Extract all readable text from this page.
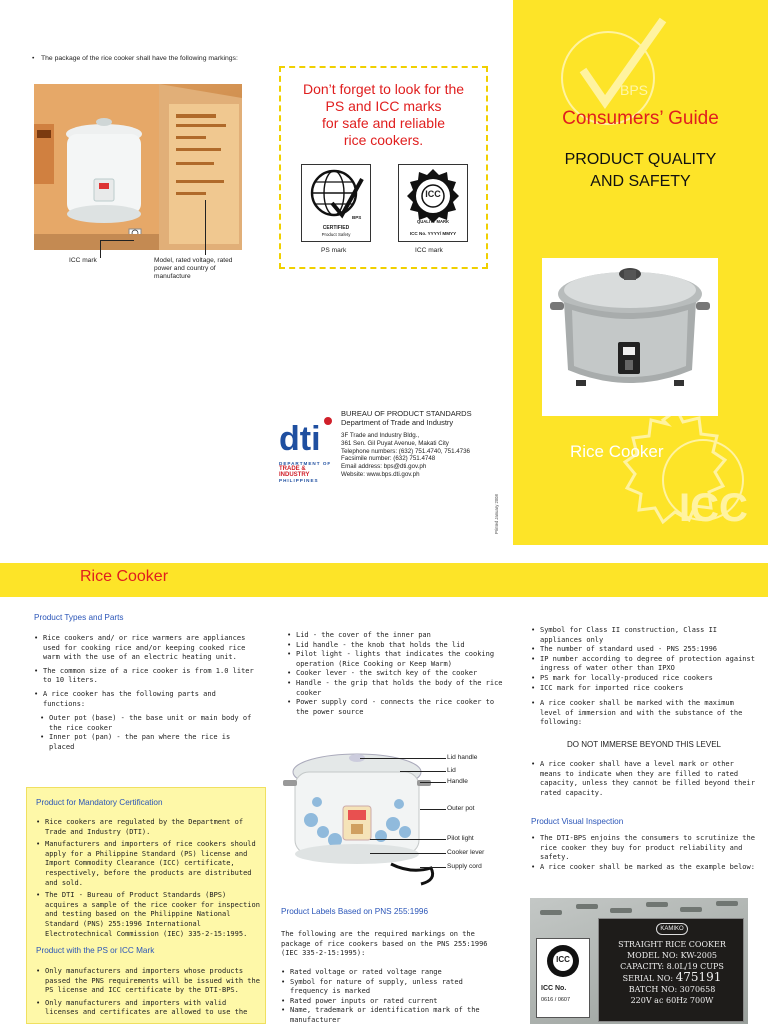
• The package of the rice cooker shall have the following markings:
ICC mark	Model, rated voltage, rated power and country of manufacture
Don’t forget to look for the
PS and ICC marks
for safe and reliable
rice cookers.
BPS
CERTIFIED
Product Safety
ICC
QUALITY MARK
ICC No. YYYY/ MMYY
PS mark	ICC mark
dti
DEPARTMENT OF
TRADE & INDUSTRY
PHILIPPINES
BUREAU OF PRODUCT STANDARDS
Department of Trade and Industry
3F Trade and Industry Bldg.,
361 Sen. Gil Puyat Avenue, Makati City
Telephone numbers: (632) 751.4740, 751.4736
Facsimile number: (632) 751.4748
Email address: bps@dti.gov.ph
Website: www.bps.dti.gov.ph
Printed January 2008
BPS
Consumers’ Guide
PRODUCT QUALITY
AND SAFETY
Rice Cooker
ICC
Rice Cooker
Product Types and Parts
• Rice cookers and/ or rice warmers are appliances used for cooking rice and/or keeping cooked rice warm with the use of an electric heating unit.
• The common size of a rice cooker is from 1.0 liter to 10 liters.
• A rice cooker has the following parts and functions:
• Outer pot (base) - the base unit or main body of the rice cooker
• Inner pot (pan) - the pan where the rice is placed
Product for Mandatory Certification
• Rice cookers are regulated by the Department of Trade and Industry (DTI).
• Manufacturers and importers of rice cookers should apply for a Philippine Standard (PS) license and Import Commodity Clearance (ICC) certificate, respectively, before the products are distributed and sold.
• The DTI - Bureau of Product Standards (BPS) acquires a sample of the rice cooker for inspection and testing based on the Philippine National Standard (PNS) 255:1996 International Electrotechnical Commission (IEC) 335-2-15:1995.
Product with the PS or ICC Mark
• Only manufacturers and importers whose products passed the PNS requirements will be issued with the PS license and ICC certificate by the DTI-BPS.
• Only manufacturers and importers with valid licenses and certificates are allowed to use the
• Lid - the cover of the inner pan
• Lid handle - the knob that holds the lid
• Pilot light - lights that indicates the cooking operation (Rice Cooking or Keep Warm)
• Cooker lever - the switch key of the cooker
• Handle - the grip that holds the body of the rice cooker
• Power supply cord - connects the rice cooker to the power source
Lid handle
Lid
Handle
Outer pot
Pilot light
Cooker lever
Supply cord
Product Labels Based on PNS 255:1996
The following are the required markings on the package of rice cookers based on the PNS 255:1996 (IEC 335-2-15:1995):
• Rated voltage or rated voltage range
• Symbol for nature of supply, unless rated frequency is marked
• Rated power inputs or rated current
• Name, trademark or identification mark of the manufacturer
• Symbol for Class II construction, Class II appliances only
• The number of standard used - PNS 255:1996
• IP number according to degree of protection against ingress of water other than IPXO
• PS mark for locally-produced rice cookers
• ICC mark for imported rice cookers
• A rice cooker shall be marked with the maximum level of immersion and with the substance of the following:
DO NOT IMMERSE BEYOND THIS LEVEL
• A rice cooker shall have a level mark or other means to indicate when they are filled to rated capacity, unless they cannot be filled beyond their rated capacity.
Product Visual Inspection
• The DTI-BPS enjoins the consumers to scrutinize the rice cooker they buy for product reliability and safety.
• A rice cooker shall be marked as the example below:
ICC
ICC No.
0616 / 0607
KAMIKO
STRAIGHT RICE COOKER
MODEL NO: KW-2005
CAPACITY: 8.0L/19 CUPS
SERIAL NO: 475191
BATCH NO: 3070658
220V ac 60Hz 700W
